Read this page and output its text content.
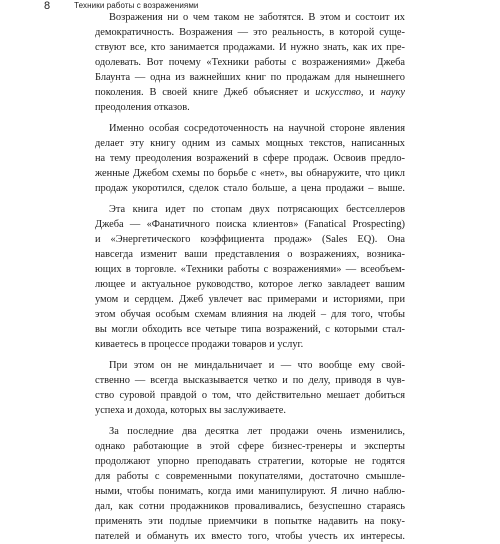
8	Техники работы с возражениями

Возражения ни о чем таком не заботятся. В этом и состоит их
демократичность. Возражения — это реальность, в которой суще-
ствуют все, кто занимается продажами. И нужно знать, как их пре-
одолевать. Вот почему «Техники работы с возражениями» Джеба
Блаунта — одна из важнейших книг по продажам для нынешнего
поколения. В своей книге Джеб объясняет и искусство, и науку
преодоления отказов.

Именно особая сосредоточенность на научной стороне явления
делает эту книгу одним из самых мощных текстов, написанных
на тему преодоления возражений в сфере продаж. Освоив предло-
женные Джебом схемы по борьбе с «нет», вы обнаружите, что цикл
продаж укоротился, сделок стало больше, а цена продажи – выше.

Эта книга идет по стопам двух потрясающих бестселлеров
Джеба — «Фанатичного поиска клиентов» (Fanatical Prospecting)
и «Энергетического коэффициента продаж» (Sales EQ). Она
навсегда изменит ваши представления о возражениях, возника-
ющих в торговле. «Техники работы с возражениями» — всеобъем-
лющее и актуальное руководство, которое легко завладеет вашим
умом и сердцем. Джеб увлечет вас примерами и историями, при
этом обучая особым схемам влияния на людей – для того, чтобы
вы могли обходить все четыре типа возражений, с которыми стал-
киваетесь в процессе продажи товаров и услуг.

При этом он не миндальничает и — что вообще ему свой-
ственно — всегда высказывается четко и по делу, приводя в чув-
ство суровой правдой о том, что действительно мешает добиться
успеха и дохода, которых вы заслуживаете.

За последние два десятка лет продажи очень изменились,
однако работающие в этой сфере бизнес-тренеры и эксперты
продолжают упорно преподавать стратегии, которые не годятся
для работы с современными покупателями, достаточно смышле-
ными, чтобы понимать, когда ими манипулируют. Я лично наблю-
дал, как сотни продажников проваливались, безуспешно стараясь
применять эти подлые приемчики в попытке надавить на поку-
пателей и обмануть их вместо того, чтобы учесть их интересы.
